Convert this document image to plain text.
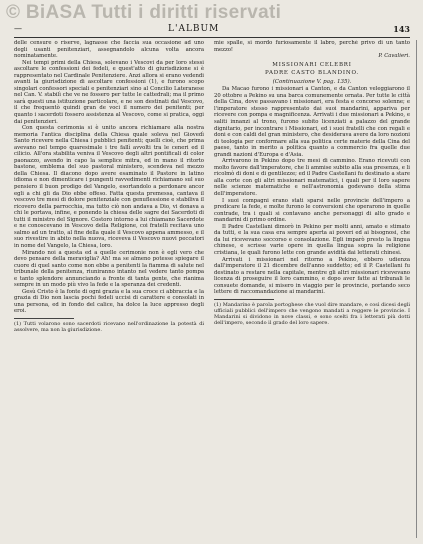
© BiASA Tutti i diritti riservati
—	L'ALBUM	143

delle censure o riserve, lagnasse che faccia sua occasione ad uno degli usanti penitenziari, assegnandolo alcuna volta ancora nominatamente.

Nei tempi primi della Chiesa, solevano i Vescovi da per loro stessi ascoltare le confessioni dei fedeli, e quest'atto di giurisdizione si è rappresentato nel Cardinale Penitenziere. Anzi allora si erano vedendi avanti la giurisdizione di ascoltare confessioni (1), e furono scopo singolari confessori speciali e penitenziari sino al Concilio Lateranese nel Can. V. stabilì che ve ne fossero per tutte le cattedrali; ma il primo sarà questi una istituzione particolare, e ne son destinati dal Vescovo, il che frequentò quindi gran de voci il numero dei penitenti; per quanto i sacerdoti fossero assistenza al Vescovo, come si pratica, oggi dai penitenzieri.

Con questa cerimonia si è unito ancora richiamare alla nostra memoria l'antica disciplina della Chiesa quale soleva nel Giovedì Santo ricevere nella Chiesa i pubblici penitenti; quelli cioè, che prima avevano nel tempo quaresimale i tre fallì avvolti tra le ceneri ed il cilicio. All'ora stabilita veniva il Vescovo degli altri pontificali di color paonazzo, avendo in capo la semplice mitra, ed in mano il ritorto bastone, emblema del suo pastoral ministero, scendeva nel mezzo della Chiesa. Il diacono dopo avere esaminato il Pastore in latino idioma e non dimenticare i pungenti ravvedimenti richiamano sul suo pensiero il buon prodigo del Vangelo, esortandolo a perdonare ancor egli a chi gli da Dio ebbe offeso. Fatta questa premessa, cantava il vescovo tre mesi di dolore penitenziale con genuflessione e stabiliva il ricovero della parrocchia, ma tutto ciò non andava a Dio, vi donava a chi le portava, infine, e ponendo la chiesa delle sagre dei Sacerdoti di tutti il ministro del Signore. Costoro intorno a lui chiamano Sacerdote e ne conoscevano in Vescovo della Religione, coi fratelli recitava uno salmo ad un tratto, al fine della quale il Vescovo appena ammesso, e il suo rivestire in abito nella nuova, riceveva il Vescovo nuovi peccatori in nome del Vangelo, la Chiesa, loro.

Mirando noi a questa ed a quelle cerimonie non è egli vero che devo pensare della meraviglia? Ah! ma se almeno potesse spiegare il cuore di quel santo come non ebbe a penitenti la fiamma di salute nel tribunale della penitenza, riuniranno intanto nel vedere tanto pompa e tanto splendore annunciando a fronte di tanta gente, che rianima sempre in un modo più vivo la fede e la speranza dei credenti.

Gesù Cristo è la fonte di ogni grazia e la sua croce ci abbraccia e la grazia di Dio non lascia pochi fedeli uccisi di carattere e consolati in una persona, ed in fondo del calice, ha dolce la luce appresso degli eroi.

(1) Tutti volarono sono sacerdoti ricevano nell'ordinazione la potestà di assolvere, ma non la giurisdizione.

mie spalle, si mordo furiosamente il labro, perchè privo di un tanto mezzo!

P. Cavalieri.

MISSIONARI CELEBRI

PADRE CASTO BLANDINO.

(Continuazione V. pag. 135).

Da Macao furono i missionari a Canton, e da Canton veleggiarono il 20 ottobre a Pekino su una barca comunemente ornata. Per tutte le città della Cina, dove passavano i missionari, era festa e concorso solenne; e l'imperatore stesso rappresentato dai suoi mandarini, appariva per ricevere con pompa e magnificenza. Arrivati i due missionari a Pekino, e saliti innanzi al trono, furono subito licenziati a palazzo del grande dignitario, per incontrare i Missionari, ed i suoi fratelli che con regali e doni e con caldi del gran ministero, che desiderava avere da loro nozioni di teologia per conformare alla sua politica certe materie della Cina del paese, tanto in merito a politica quanto a commercio fra quelle due grandi nazioni d'Europa e d'Asia.

Arrivarono in Pekino dopo tre mesi di cammino. Erano ricevuti con molto favore dall'imperatore, che li ammise subito alla sua presenza, e li ricolmò di doni e di gentilezze; ed il Padre Castellani fu destinato a stare alla corte con gli altri missionari matematici, i quali per il loro sapere nelle scienze matematiche e nell'astronomia godevano della stima dell'imperatore.

I suoi compagni erano stati sparsi nelle provincie dell'impero a predicare la fede, e molte furono le conversioni che operarono in quelle contrade, tra i quali si contavano anche personaggi di alto grado e mandarini di primo ordine.

Il Padre Castellani dimorò in Pekino per molti anni, amato e stimato da tutti, e la sua casa era sempre aperta ai poveri ed ai bisognosi, che da lui ricevevano soccorso e consolazione. Egli imparò presto la lingua chinese, e scrisse varie opere in quella lingua sopra la religione cristiana, le quali furono lette con grande avidità dai letterati chinesi.

Arrivati i missionari nel ritorno a Pekino, ebbero udienza dall'imperatore il 21 dicembre dell'anno suddetto; ed il P. Castellani fu destinato a restare nella capitale, mentre gli altri missionari ricevevano licenza di proseguire il loro cammino, e dopo aver fatte ai tribunali le consuete domande, si misero in viaggio per le provincie, portando seco lettere di raccomandazione ai mandarini.

(1) Mandarino è parola portoghese che vuol dire mandare, e così dicesi degli ufficiali pubblici dell'impero che vengono mandati a reggere le provincie. I Mandarini si dividono in nove classi, e sono scelti fra i letterati più dotti dell'impero, secondo il grado del loro sapere.
